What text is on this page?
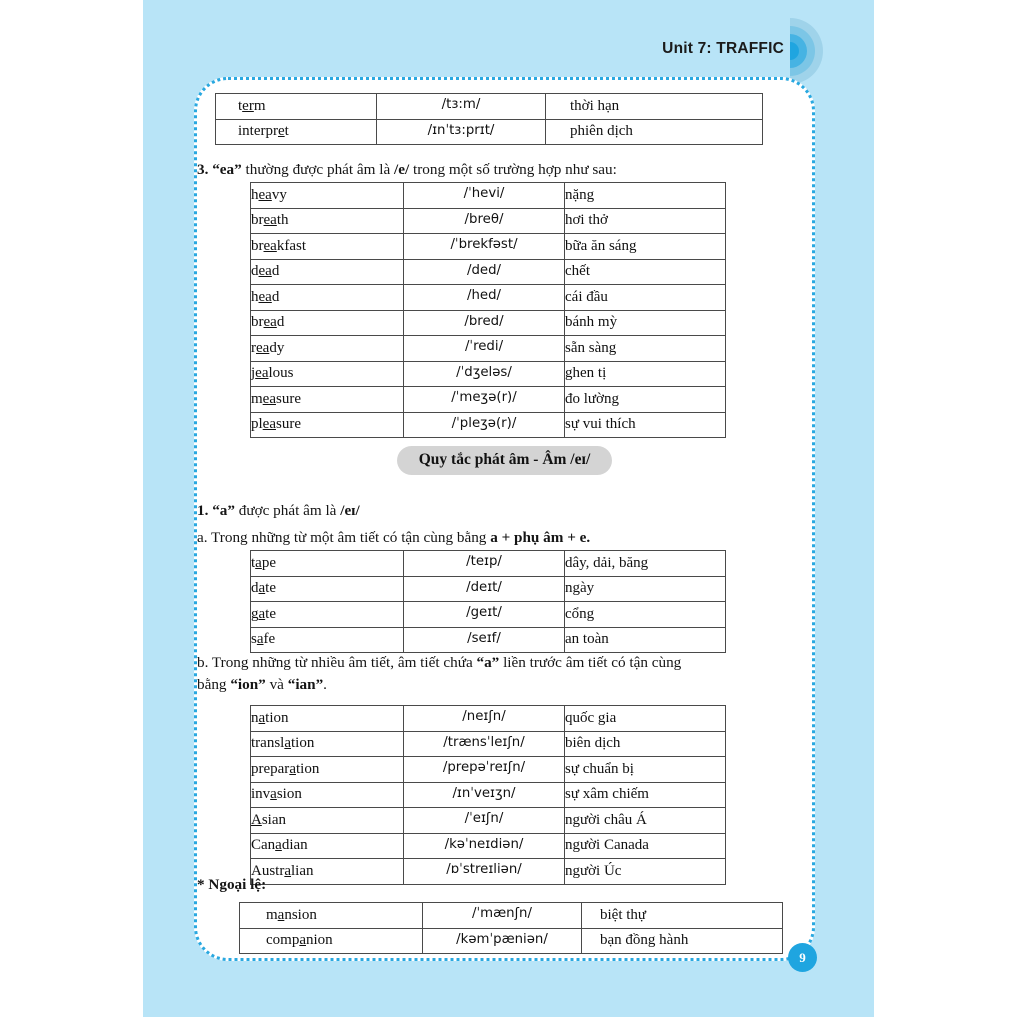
Unit 7: TRAFFIC
term	/tɜ:m/	thời hạn
interpret	/ɪnˈtɜ:prɪt/	phiên dịch
3. “ea” thường được phát âm là /e/ trong một số trường hợp như sau:
heavy	/ˈhevi/	nặng
breath	/breθ/	hơi thở
breakfast	/ˈbrekfəst/	bữa ăn sáng
dead	/ded/	chết
head	/hed/	cái đầu
bread	/bred/	bánh mỳ
ready	/ˈredi/	sẵn sàng
jealous	/ˈdʒeləs/	ghen tị
measure	/ˈmeʒə(r)/	đo lường
pleasure	/ˈpleʒə(r)/	sự vui thích
Quy tắc phát âm - Âm /eɪ/
1. “a” được phát âm là /eɪ/
a. Trong những từ một âm tiết có tận cùng bằng a + phụ âm + e.
tape	/teɪp/	dây, dải, băng
date	/deɪt/	ngày
gate	/geɪt/	cổng
safe	/seɪf/	an toàn
b. Trong những từ nhiều âm tiết, âm tiết chứa “a” liền trước âm tiết có tận cùng
bằng “ion” và “ian”.
nation	/neɪʃn/	quốc gia
translation	/trænsˈleɪʃn/	biên dịch
preparation	/prepəˈreɪʃn/	sự chuẩn bị
invasion	/ɪnˈveɪʒn/	sự xâm chiếm
Asian	/ˈeɪʃn/	người châu Á
Canadian	/kəˈneɪdiən/	người Canada
Australian	/ɒˈstreɪliən/	người Úc
* Ngoại lệ:
mansion	/ˈmænʃn/	biệt thự
companion	/kəmˈpæniən/	bạn đồng hành
9
